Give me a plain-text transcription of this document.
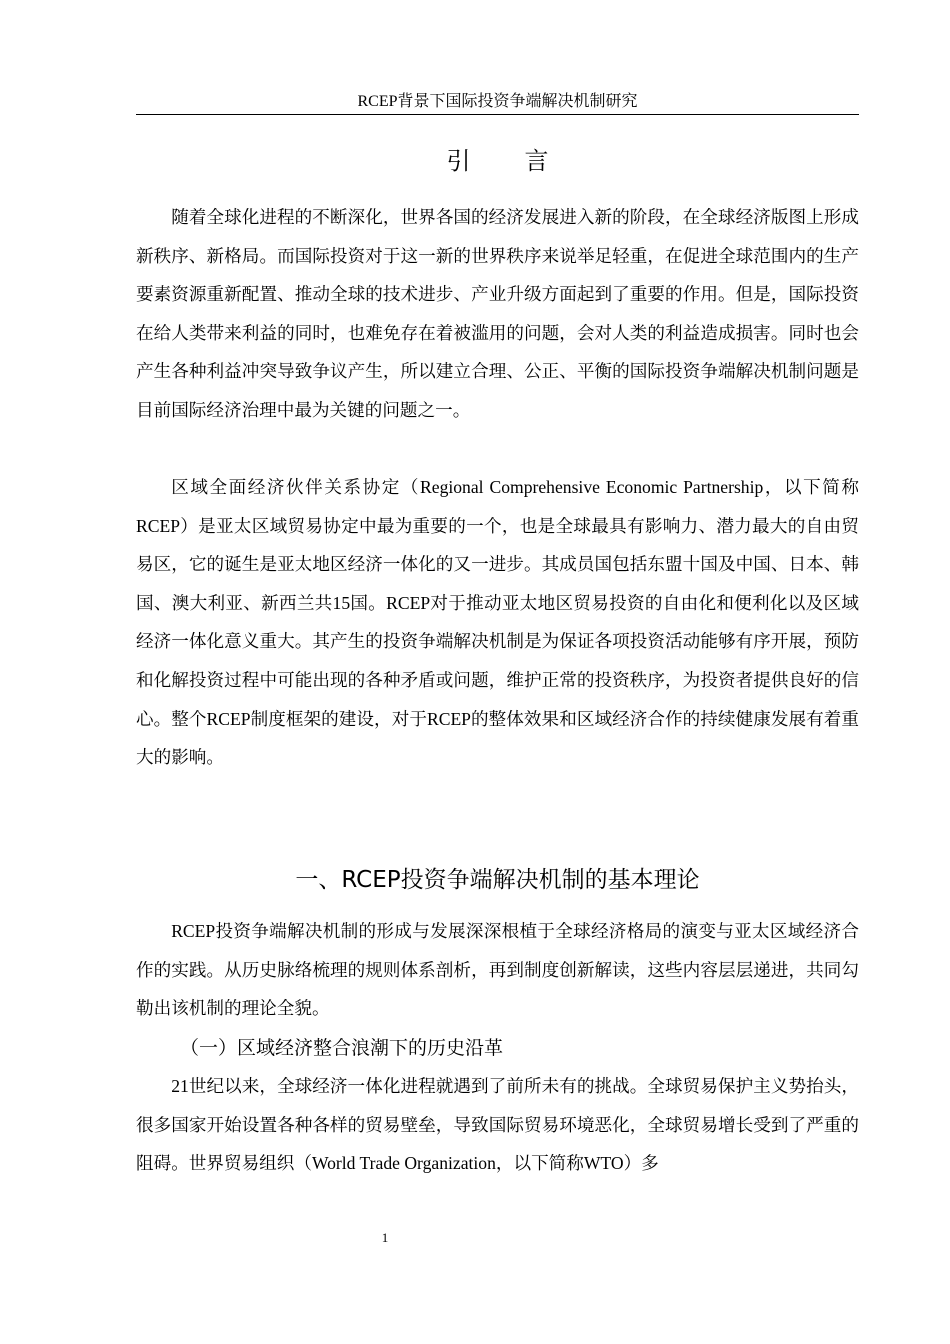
RCEP背景下国际投资争端解决机制研究
引言

随着全球化进程的不断深化，世界各国的经济发展进入新的阶段，在全球经济版图上形成新秩序、新格局。而国际投资对于这一新的世界秩序来说举足轻重，在促进全球范围内的生产要素资源重新配置、推动全球的技术进步、产业升级方面起到了重要的作用。但是，国际投资在给人类带来利益的同时，也难免存在着被滥用的问题，会对人类的利益造成损害。同时也会产生各种利益冲突导致争议产生，所以建立合理、公正、平衡的国际投资争端解决机制问题是目前国际经济治理中最为关键的问题之一。

区域全面经济伙伴关系协定（Regional Comprehensive Economic Partnership，以下简称RCEP）是亚太区域贸易协定中最为重要的一个，也是全球最具有影响力、潜力最大的自由贸易区，它的诞生是亚太地区经济一体化的又一进步。其成员国包括东盟十国及中国、日本、韩国、澳大利亚、新西兰共15国。RCEP对于推动亚太地区贸易投资的自由化和便利化以及区域经济一体化意义重大。其产生的投资争端解决机制是为保证各项投资活动能够有序开展，预防和化解投资过程中可能出现的各种矛盾或问题，维护正常的投资秩序，为投资者提供良好的信心。整个RCEP制度框架的建设，对于RCEP的整体效果和区域经济合作的持续健康发展有着重大的影响。

一、RCEP投资争端解决机制的基本理论

RCEP投资争端解决机制的形成与发展深深根植于全球经济格局的演变与亚太区域经济合作的实践。从历史脉络梳理的规则体系剖析，再到制度创新解读，这些内容层层递进，共同勾勒出该机制的理论全貌。

（一）区域经济整合浪潮下的历史沿革

21世纪以来，全球经济一体化进程就遇到了前所未有的挑战。全球贸易保护主义势抬头，很多国家开始设置各种各样的贸易壁垒，导致国际贸易环境恶化，全球贸易增长受到了严重的阻碍。世界贸易组织（World Trade Organization，以下简称WTO）多

1
